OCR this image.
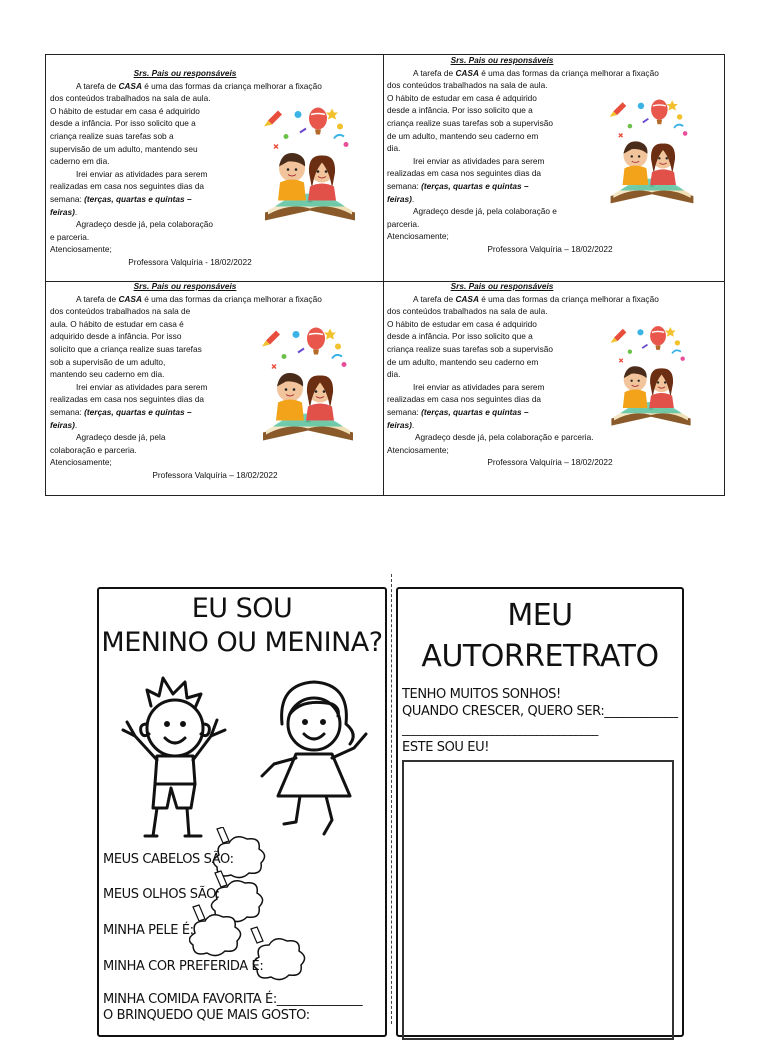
Srs. Pais ou responsáveis

A tarefa de CASA é uma das formas da criança melhorar a fixação

dos conteúdos trabalhados na sala de aula.

O hábito de estudar em casa é adquirido

desde a infância. Por isso solicito que a

criança realize suas tarefas sob a

supervisão de um adulto, mantendo seu

caderno em dia.

Irei enviar as atividades para serem

realizadas em casa nos seguintes dias da

semana: (terças, quartas e quintas –

feiras).

Agradeço desde já, pela colaboração

e parceria.

Atenciosamente;

Professora Valquíria - 18/02/2022

Srs. Pais ou responsáveis

A tarefa de CASA é uma das formas da criança melhorar a fixação

dos conteúdos trabalhados na sala de aula.

O hábito de estudar em casa é adquirido

desde a infância. Por isso solicito que a

criança realize suas tarefas sob a supervisão

de um adulto, mantendo seu caderno em

dia.

Irei enviar as atividades para serem

realizadas em casa nos seguintes dias da

semana: (terças, quartas e quintas –

feiras).

Agradeço desde já, pela colaboração e

parceria.

Atenciosamente;

Professora Valquíria – 18/02/2022

Srs. Pais ou responsáveis

A tarefa de CASA é uma das formas da criança melhorar a fixação

dos conteúdos trabalhados na sala de

aula. O hábito de estudar em casa é

adquirido desde a infância. Por isso

solicito que a criança realize suas tarefas

sob a supervisão de um adulto,

mantendo seu caderno em dia.

Irei enviar as atividades para serem

realizadas em casa nos seguintes dias da

semana: (terças, quartas e quintas –

feiras).

Agradeço desde já, pela

colaboração e parceria.

Atenciosamente;

Professora Valquíria – 18/02/2022

Srs. Pais ou responsáveis

A tarefa de CASA é uma das formas da criança melhorar a fixação

dos conteúdos trabalhados na sala de aula.

O hábito de estudar em casa é adquirido

desde a infância. Por isso solicito que a

criança realize suas tarefas sob a supervisão

de um adulto, mantendo seu caderno em

dia.

Irei enviar as atividades para serem

realizadas em casa nos seguintes dias da

semana: (terças, quartas e quintas –

feiras).

Agradeço desde já, pela colaboração e parceria.

Atenciosamente;

Professora Valquíria – 18/02/2022

EU SOU
MENINO OU MENINA?
MEUS CABELOS SÃO:
MEUS OLHOS SÃO:
MINHA PELE É:
MINHA COR PREFERIDA É:
MINHA COMIDA FAVORITA É:______________
O BRINQUEDO QUE MAIS GOSTO:
MEU
AUTORRETRATO
TENHO MUITOS SONHOS!
QUANDO CRESCER, QUERO SER:____________
___________________________________
ESTE SOU EU!
